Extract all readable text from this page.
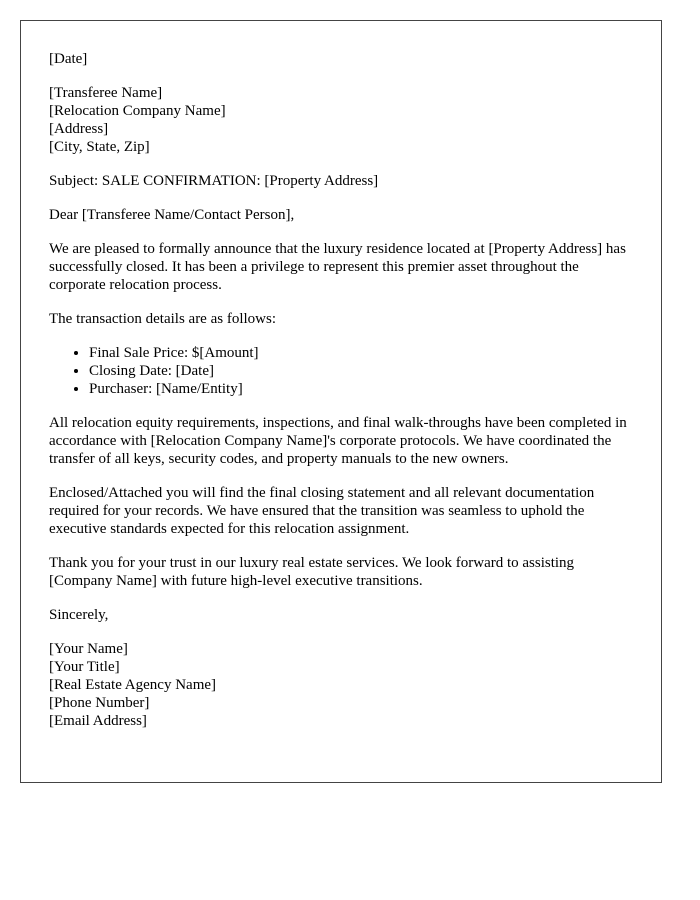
[Date]

[Transferee Name]
[Relocation Company Name]
[Address]
[City, State, Zip]

Subject: SALE CONFIRMATION: [Property Address]

Dear [Transferee Name/Contact Person],

We are pleased to formally announce that the luxury residence located at [Property Address] has successfully closed. It has been a privilege to represent this premier asset throughout the corporate relocation process.

The transaction details are as follows:

• Final Sale Price: $[Amount]
• Closing Date: [Date]
• Purchaser: [Name/Entity]

All relocation equity requirements, inspections, and final walk-throughs have been completed in accordance with [Relocation Company Name]'s corporate protocols. We have coordinated the transfer of all keys, security codes, and property manuals to the new owners.

Enclosed/Attached you will find the final closing statement and all relevant documentation required for your records. We have ensured that the transition was seamless to uphold the executive standards expected for this relocation assignment.

Thank you for your trust in our luxury real estate services. We look forward to assisting [Company Name] with future high-level executive transitions.

Sincerely,

[Your Name]
[Your Title]
[Real Estate Agency Name]
[Phone Number]
[Email Address]
